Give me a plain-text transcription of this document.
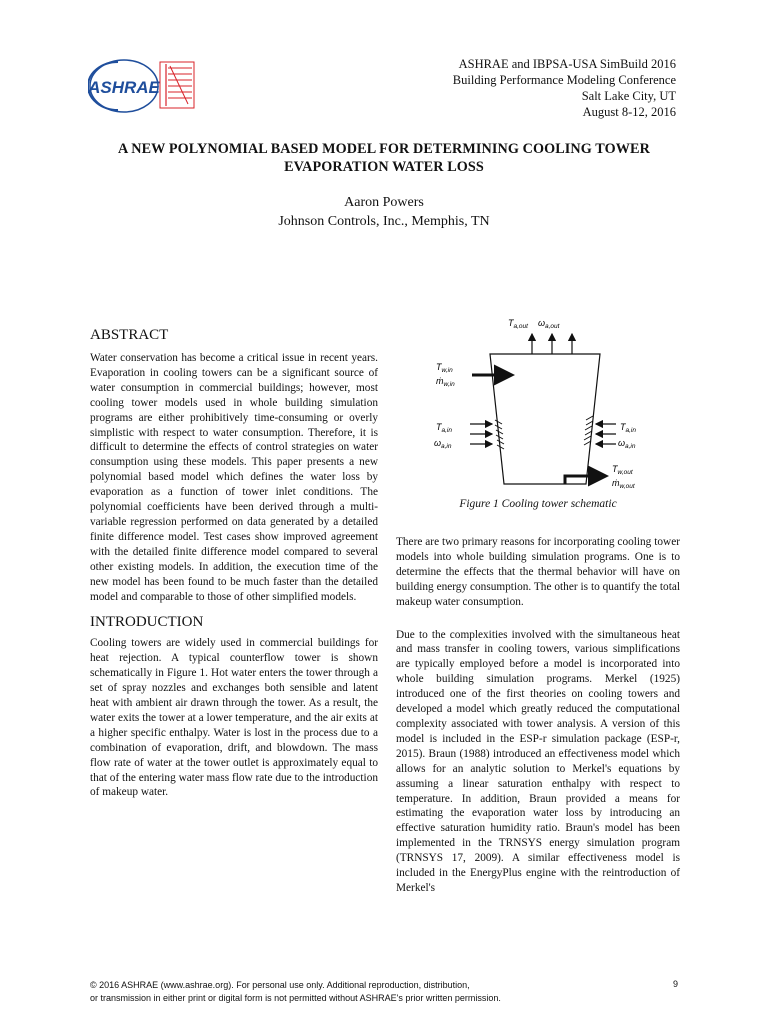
ASHRAE
ASHRAE and IBPSA-USA SimBuild 2016
Building Performance Modeling Conference
Salt Lake City, UT
August 8-12, 2016
A NEW POLYNOMIAL BASED MODEL FOR DETERMINING COOLING TOWER
EVAPORATION WATER LOSS
Aaron Powers
Johnson Controls, Inc., Memphis, TN
ABSTRACT
Water conservation has become a critical issue in recent years. Evaporation in cooling towers can be a significant source of water consumption in commercial buildings; however, most cooling tower models used in whole building simulation programs are either prohibitively time-consuming or overly simplistic with respect to water consumption. Therefore, it is difficult to determine the effects of control strategies on water consumption using these models. This paper presents a new polynomial based model which defines the water loss by evaporation as a function of tower inlet conditions. The polynomial coefficients have been derived through a multi-variable regression performed on data generated by a detailed finite difference model. Test cases show improved agreement with the detailed finite difference model compared to several other existing models. In addition, the execution time of the new model has been found to be much faster than the detailed model and comparable to those of other simplified models.
INTRODUCTION
Cooling towers are widely used in commercial buildings for heat rejection. A typical counterflow tower is shown schematically in Figure 1. Hot water enters the tower through a set of spray nozzles and exchanges both sensible and latent heat with ambient air drawn through the tower. As a result, the water exits the tower at a lower temperature, and the air exits at a higher specific enthalpy. Water is lost in the process due to a combination of evaporation, drift, and blowdown. The mass flow rate of water at the tower outlet is approximately equal to that of the entering water mass flow rate due to the introduction of makeup water.
$T_{a,out}$ $\omega_{a,out}$
$T_{w,in}$
ṁ$_{w,in}$
$T_{a,in}$
$\omega_{a,in}$
$T_{a,in}$
$\omega_{a,in}$
$T_{w,out}$
ṁ$_{w,out}$
Figure 1 Cooling tower schematic
There are two primary reasons for incorporating cooling tower models into whole building simulation programs. One is to determine the effects that the thermal behavior will have on building energy consumption. The other is to quantify the total makeup water consumption.
Due to the complexities involved with the simultaneous heat and mass transfer in cooling towers, various simplifications are typically employed before a model is incorporated into whole building simulation programs. Merkel (1925) introduced one of the first theories on cooling towers and developed a model which greatly reduced the computational complexity associated with tower analysis. A version of this model is included in the ESP-r simulation package (ESP-r, 2015). Braun (1988) introduced an effectiveness model which allows for an analytic solution to Merkel's equations by assuming a linear saturation enthalpy with respect to temperature. In addition, Braun provided a means for estimating the evaporation water loss by introducing an effective saturation humidity ratio. Braun's model has been implemented in the TRNSYS energy simulation program (TRNSYS 17, 2009). A similar effectiveness model is included in the EnergyPlus engine with the reintroduction of Merkel's
© 2016 ASHRAE (www.ashrae.org). For personal use only. Additional reproduction, distribution,
or transmission in either print or digital form is not permitted without ASHRAE's prior written permission.
9
